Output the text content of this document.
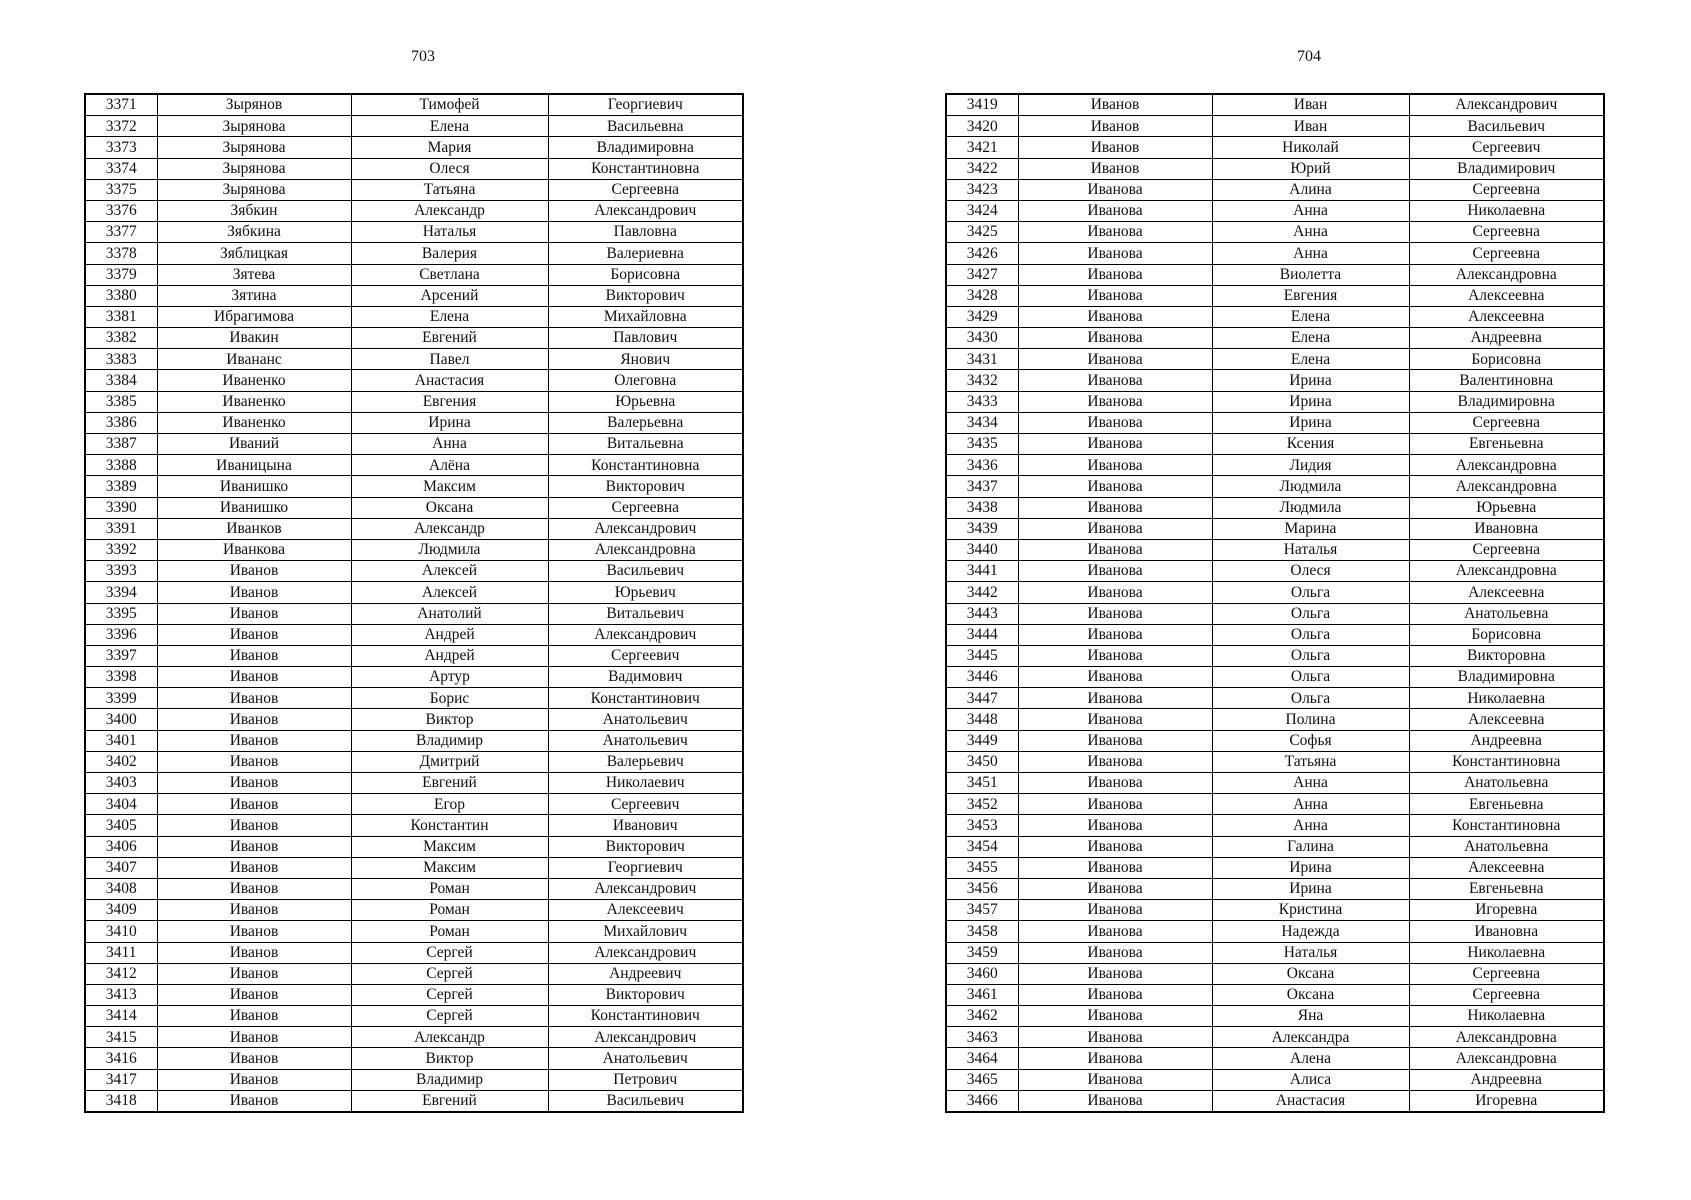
703
3371	Зырянов	Тимофей	Георгиевич
3372	Зырянова	Елена	Васильевна
3373	Зырянова	Мария	Владимировна
3374	Зырянова	Олеся	Константиновна
3375	Зырянова	Татьяна	Сергеевна
3376	Зябкин	Александр	Александрович
3377	Зябкина	Наталья	Павловна
3378	Зяблицкая	Валерия	Валериевна
3379	Зятева	Светлана	Борисовна
3380	Зятина	Арсений	Викторович
3381	Ибрагимова	Елена	Михайловна
3382	Ивакин	Евгений	Павлович
3383	Ивананс	Павел	Янович
3384	Иваненко	Анастасия	Олеговна
3385	Иваненко	Евгения	Юрьевна
3386	Иваненко	Ирина	Валерьевна
3387	Иваний	Анна	Витальевна
3388	Иваницына	Алёна	Константиновна
3389	Иванишко	Максим	Викторович
3390	Иванишко	Оксана	Сергеевна
3391	Иванков	Александр	Александрович
3392	Иванкова	Людмила	Александровна
3393	Иванов	Алексей	Васильевич
3394	Иванов	Алексей	Юрьевич
3395	Иванов	Анатолий	Витальевич
3396	Иванов	Андрей	Александрович
3397	Иванов	Андрей	Сергеевич
3398	Иванов	Артур	Вадимович
3399	Иванов	Борис	Константинович
3400	Иванов	Виктор	Анатольевич
3401	Иванов	Владимир	Анатольевич
3402	Иванов	Дмитрий	Валерьевич
3403	Иванов	Евгений	Николаевич
3404	Иванов	Егор	Сергеевич
3405	Иванов	Константин	Иванович
3406	Иванов	Максим	Викторович
3407	Иванов	Максим	Георгиевич
3408	Иванов	Роман	Александрович
3409	Иванов	Роман	Алексеевич
3410	Иванов	Роман	Михайлович
3411	Иванов	Сергей	Александрович
3412	Иванов	Сергей	Андреевич
3413	Иванов	Сергей	Викторович
3414	Иванов	Сергей	Константинович
3415	Иванов	Александр	Александрович
3416	Иванов	Виктор	Анатольевич
3417	Иванов	Владимир	Петрович
3418	Иванов	Евгений	Васильевич
704
3419	Иванов	Иван	Александрович
3420	Иванов	Иван	Васильевич
3421	Иванов	Николай	Сергеевич
3422	Иванов	Юрий	Владимирович
3423	Иванова	Алина	Сергеевна
3424	Иванова	Анна	Николаевна
3425	Иванова	Анна	Сергеевна
3426	Иванова	Анна	Сергеевна
3427	Иванова	Виолетта	Александровна
3428	Иванова	Евгения	Алексеевна
3429	Иванова	Елена	Алексеевна
3430	Иванова	Елена	Андреевна
3431	Иванова	Елена	Борисовна
3432	Иванова	Ирина	Валентиновна
3433	Иванова	Ирина	Владимировна
3434	Иванова	Ирина	Сергеевна
3435	Иванова	Ксения	Евгеньевна
3436	Иванова	Лидия	Александровна
3437	Иванова	Людмила	Александровна
3438	Иванова	Людмила	Юрьевна
3439	Иванова	Марина	Ивановна
3440	Иванова	Наталья	Сергеевна
3441	Иванова	Олеся	Александровна
3442	Иванова	Ольга	Алексеевна
3443	Иванова	Ольга	Анатольевна
3444	Иванова	Ольга	Борисовна
3445	Иванова	Ольга	Викторовна
3446	Иванова	Ольга	Владимировна
3447	Иванова	Ольга	Николаевна
3448	Иванова	Полина	Алексеевна
3449	Иванова	Софья	Андреевна
3450	Иванова	Татьяна	Константиновна
3451	Иванова	Анна	Анатольевна
3452	Иванова	Анна	Евгеньевна
3453	Иванова	Анна	Константиновна
3454	Иванова	Галина	Анатольевна
3455	Иванова	Ирина	Алексеевна
3456	Иванова	Ирина	Евгеньевна
3457	Иванова	Кристина	Игоревна
3458	Иванова	Надежда	Ивановна
3459	Иванова	Наталья	Николаевна
3460	Иванова	Оксана	Сергеевна
3461	Иванова	Оксана	Сергеевна
3462	Иванова	Яна	Николаевна
3463	Иванова	Александра	Александровна
3464	Иванова	Алена	Александровна
3465	Иванова	Алиса	Андреевна
3466	Иванова	Анастасия	Игоревна
